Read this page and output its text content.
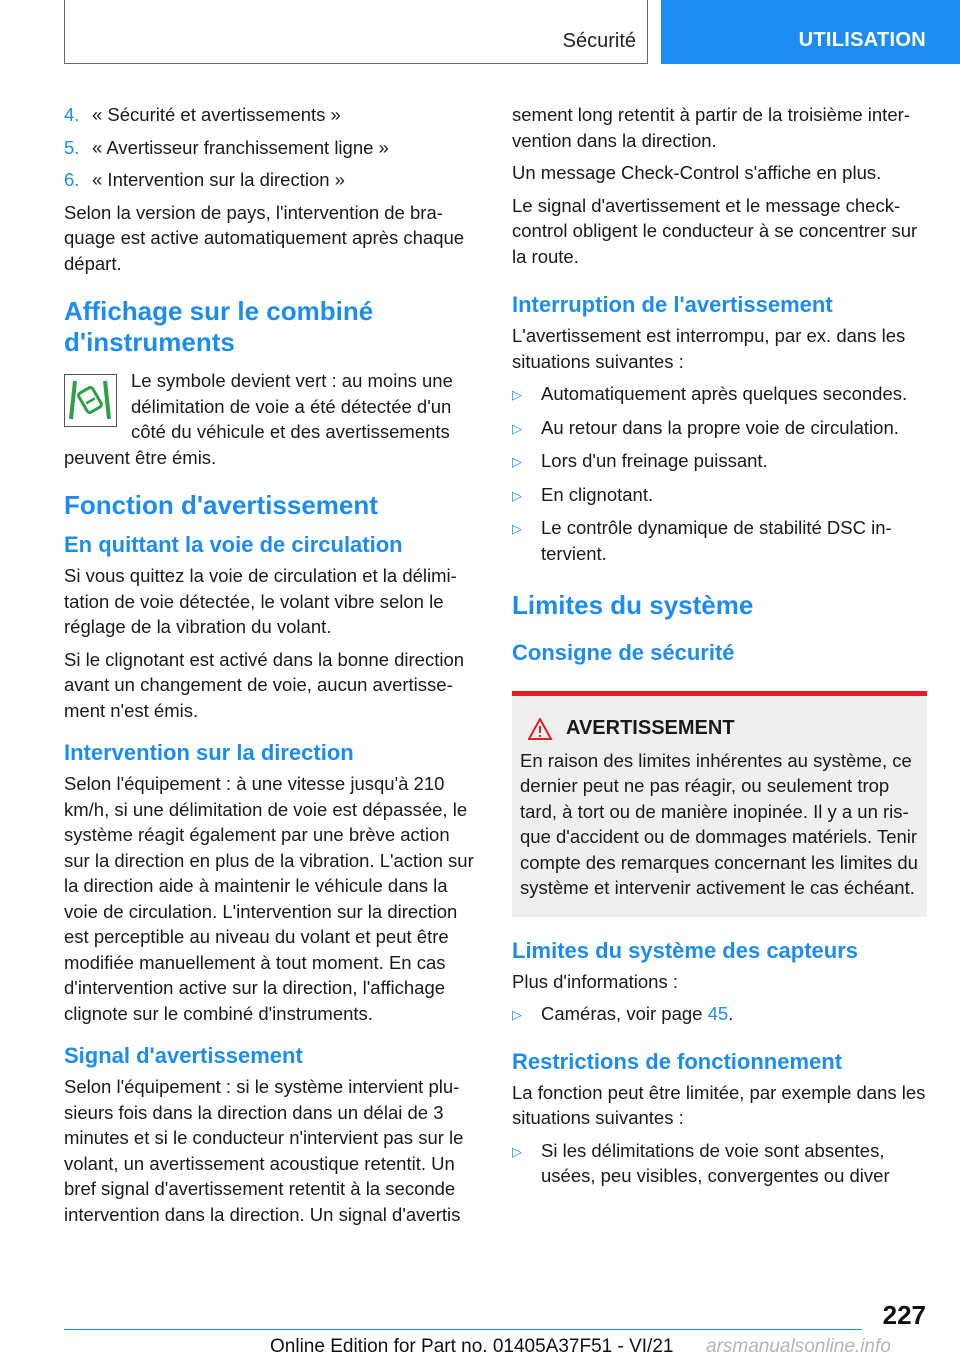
Sécurité	UTILISATION
4. « Sécurité et avertissements »
5. « Avertisseur franchissement ligne »
6. « Intervention sur la direction »

Selon la version de pays, l'intervention de braquage est active automatiquement après chaque départ.

Affichage sur le combiné d'instruments
Le symbole devient vert : au moins une délimitation de voie a été détectée d'un côté du véhicule et des avertissements peuvent être émis.
Fonction d'avertissement
En quittant la voie de circulation

Si vous quittez la voie de circulation et la délimitation de voie détectée, le volant vibre selon le réglage de la vibration du volant.

Si le clignotant est activé dans la bonne direction avant un changement de voie, aucun avertissement n'est émis.

Intervention sur la direction

Selon l'équipement : à une vitesse jusqu'à 210 km/h, si une délimitation de voie est dépassée, le système réagit également par une brève action sur la direction en plus de la vibration. L'action sur la direction aide à maintenir le véhicule dans la voie de circulation. L'intervention sur la direction est perceptible au niveau du volant et peut être modifiée manuellement à tout moment. En cas d'intervention active sur la direction, l'affichage clignote sur le combiné d'instruments.

Signal d'avertissement

Selon l'équipement : si le système intervient plusieurs fois dans la direction dans un délai de 3 minutes et si le conducteur n'intervient pas sur le volant, un avertissement acoustique retentit. Un bref signal d'avertissement retentit à la seconde intervention dans la direction. Un signal d'avertis

sement long retentit à partir de la troisième intervention dans la direction.

Un message Check-Control s'affiche en plus.

Le signal d'avertissement et le message check-control obligent le conducteur à se concentrer sur la route.

Interruption de l'avertissement

L'avertissement est interrompu, par ex. dans les situations suivantes :

▷	Automatiquement après quelques secondes.
▷	Au retour dans la propre voie de circulation.
▷	Lors d'un freinage puissant.
▷	En clignotant.
▷	Le contrôle dynamique de stabilité DSC intervient.
Limites du système
Consigne de sécurité
AVERTISSEMENT
En raison des limites inhérentes au système, ce dernier peut ne pas réagir, ou seulement trop tard, à tort ou de manière inopinée. Il y a un risque d'accident ou de dommages matériels. Tenir compte des remarques concernant les limites du système et intervenir activement le cas échéant.
Limites du système des capteurs

Plus d'informations :

▷	Caméras, voir page 45.
Restrictions de fonctionnement

La fonction peut être limitée, par exemple dans les situations suivantes :

▷	Si les délimitations de voie sont absentes, usées, peu visibles, convergentes ou diver
227
Online Edition for Part no. 01405A37F51 - VI/21 arsmanualsonline.info
